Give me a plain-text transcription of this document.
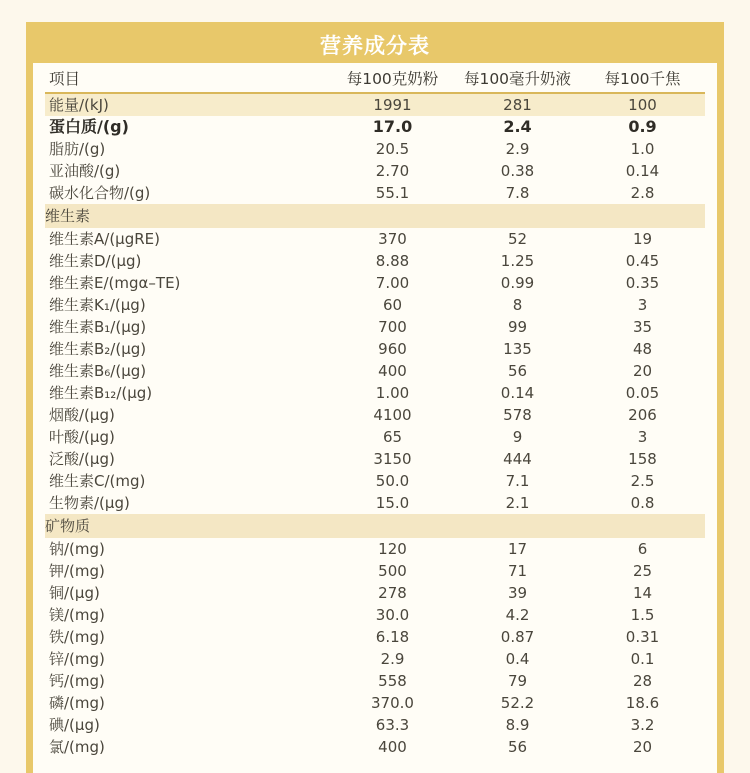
营养成分表
项目	每100克奶粉	每100毫升奶液	每100千焦
能量/(kJ)	1991	281	100
蛋白质/(g)	17.0	2.4	0.9
脂肪/(g)	20.5	2.9	1.0
亚油酸/(g)	2.70	0.38	0.14
碳水化合物/(g)	55.1	7.8	2.8
维生素			
维生素A/(μgRE)	370	52	19
维生素D/(μg)	8.88	1.25	0.45
维生素E/(mgα–TE)	7.00	0.99	0.35
维生素K₁/(μg)	60	8	3
维生素B₁/(μg)	700	99	35
维生素B₂/(μg)	960	135	48
维生素B₆/(μg)	400	56	20
维生素B₁₂/(μg)	1.00	0.14	0.05
烟酸/(μg)	4100	578	206
叶酸/(μg)	65	9	3
泛酸/(μg)	3150	444	158
维生素C/(mg)	50.0	7.1	2.5
生物素/(μg)	15.0	2.1	0.8
矿物质			
钠/(mg)	120	17	6
钾/(mg)	500	71	25
铜/(μg)	278	39	14
镁/(mg)	30.0	4.2	1.5
铁/(mg)	6.18	0.87	0.31
锌/(mg)	2.9	0.4	0.1
钙/(mg)	558	79	28
磷/(mg)	370.0	52.2	18.6
碘/(μg)	63.3	8.9	3.2
氯/(mg)	400	56	20
